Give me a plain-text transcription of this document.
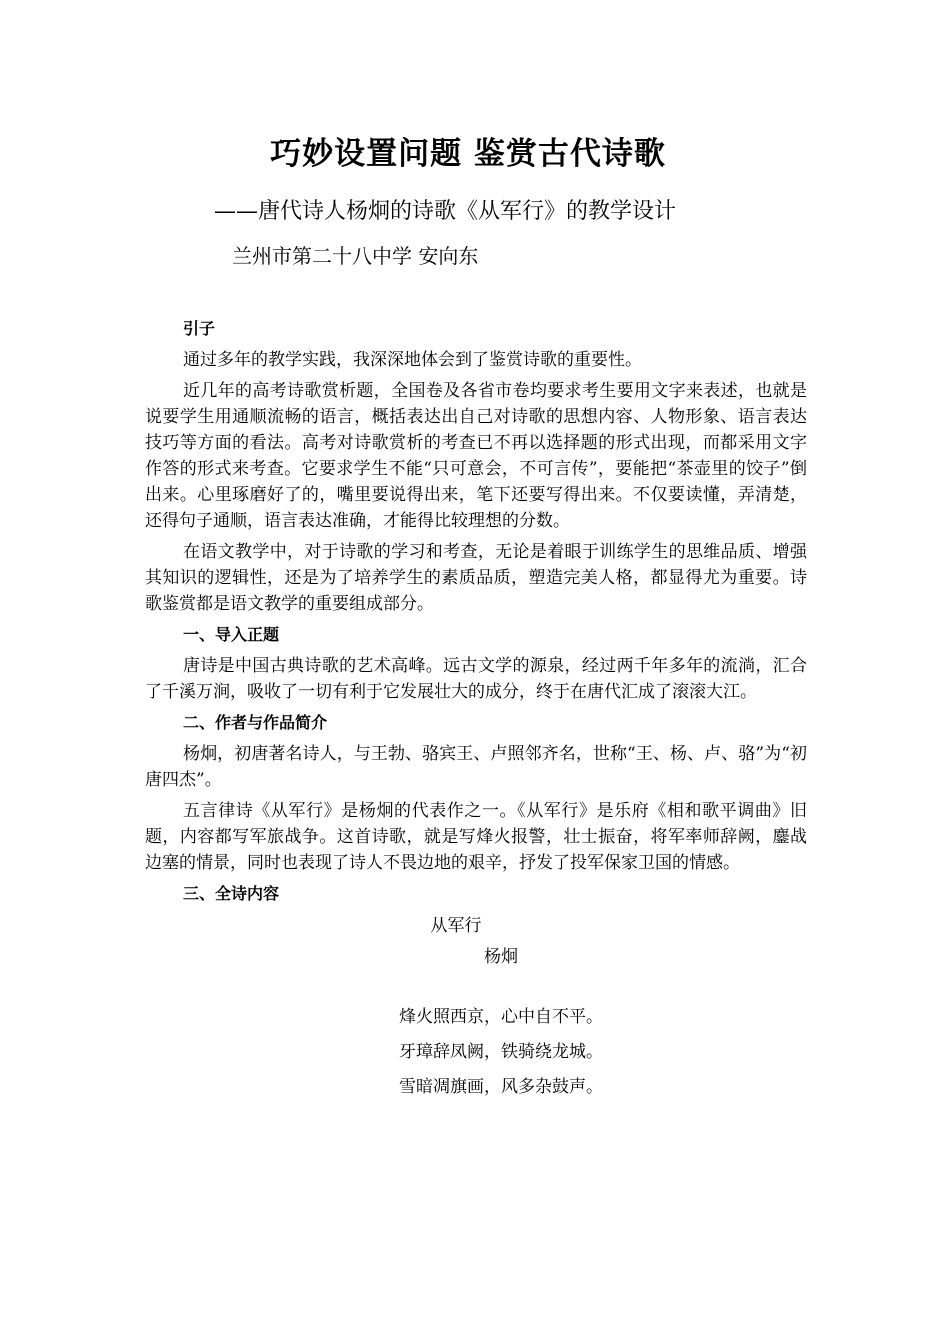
巧妙设置问题 鉴赏古代诗歌

——唐代诗人杨炯的诗歌《从军行》的教学设计

兰州市第二十八中学 安向东

引子

通过多年的教学实践，我深深地体会到了鉴赏诗歌的重要性。

近几年的高考诗歌赏析题，全国卷及各省市卷均要求考生要用文字来表述，也就是说要学生用通顺流畅的语言，概括表达出自己对诗歌的思想内容、人物形象、语言表达技巧等方面的看法。高考对诗歌赏析的考查已不再以选择题的形式出现，而都采用文字作答的形式来考查。它要求学生不能“只可意会，不可言传”，要能把“茶壶里的饺子”倒出来。心里琢磨好了的，嘴里要说得出来，笔下还要写得出来。不仅要读懂，弄清楚，还得句子通顺，语言表达准确，才能得比较理想的分数。

在语文教学中，对于诗歌的学习和考查，无论是着眼于训练学生的思维品质、增强其知识的逻辑性，还是为了培养学生的素质品质，塑造完美人格，都显得尤为重要。诗歌鉴赏都是语文教学的重要组成部分。

一、导入正题

唐诗是中国古典诗歌的艺术高峰。远古文学的源泉，经过两千年多年的流淌，汇合了千溪万涧，吸收了一切有利于它发展壮大的成分，终于在唐代汇成了滚滚大江。

二、作者与作品简介

杨炯，初唐著名诗人，与王勃、骆宾王、卢照邻齐名，世称“王、杨、卢、骆”为“初唐四杰”。

五言律诗《从军行》是杨炯的代表作之一。《从军行》是乐府《相和歌平调曲》旧题，内容都写军旅战争。这首诗歌，就是写烽火报警，壮士振奋，将军率师辞阙，鏖战边塞的情景，同时也表现了诗人不畏边地的艰辛，抒发了投军保家卫国的情感。

三、全诗内容

从军行

杨炯

烽火照西京，心中自不平。

牙璋辞凤阙，铁骑绕龙城。

雪暗凋旗画，风多杂鼓声。
